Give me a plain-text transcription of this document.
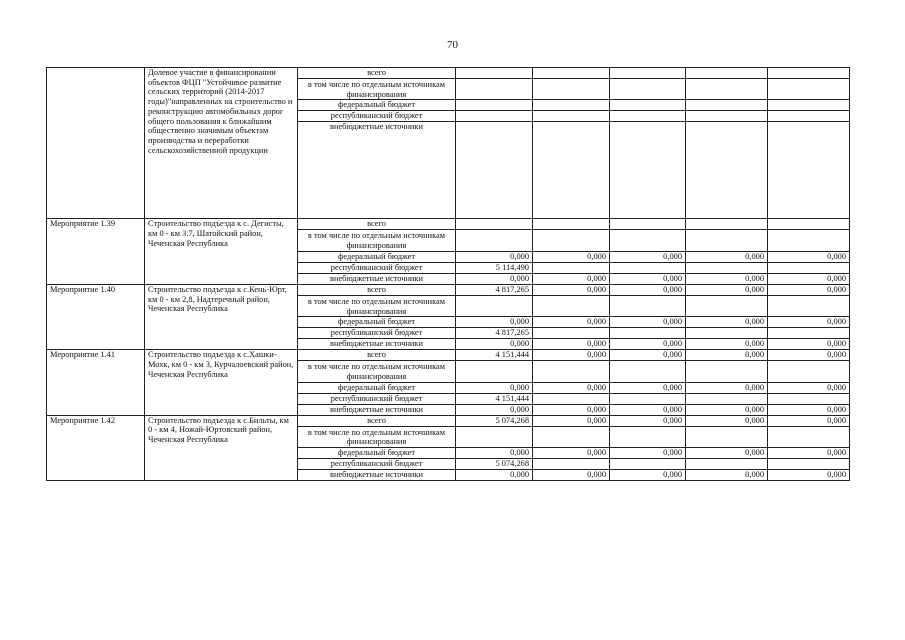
70
	Долевое участие в финансировании объектов ФЦП "Устойчивое развитие сельских территорий (2014-2017 годы)"направленных на строительство и реконструкцию автомобильных дорог общего пользования к ближайшим общественно значимым объектам производства и переработки сельскохозяйственной продукции	всего					
		в том числе по отдельным источникам финансирования					
		федеральный бюджет					
		республиканский бюджет					
		внебюджетные источники					
Мероприятие 1.39	Строительство подъезда к с. Дегисты, км 0 - км 3.7, Шатойский район, Чеченская Республика	всего					
		в том числе по отдельным источникам финансирования					
		федеральный бюджет	0,000	0,000	0,000	0,000	0,000
		республиканский бюджет	5 114,490				
		внебюджетные источники	0,000	0,000	0,000	0,000	0,000
Мероприятие 1.40	Строительство подъезда к с.Кень-Юрт, км 0 - км 2,8, Надтеречный район, Чеченская Республика	всего	4 817,265	0,000	0,000	0,000	0,000
		в том числе по отдельным источникам финансирования					
		федеральный бюджет	0,000	0,000	0,000	0,000	0,000
		республиканский бюджет	4 817,265				
		внебюджетные источники	0,000	0,000	0,000	0,000	0,000
Мероприятие 1.41	Строительство подъезда к с.Хашки-Мохк, км 0 - км 3, Курчалоевский район, Чеченская Республика	всего	4 151,444	0,000	0,000	0,000	0,000
		в том числе по отдельным источникам финансирования					
		федеральный бюджет	0,000	0,000	0,000	0,000	0,000
		республиканский бюджет	4 151,444				
		внебюджетные источники	0,000	0,000	0,000	0,000	0,000
Мероприятие 1.42	Строительство подъезда к с.Бильты, км 0 - км 4, Ножай-Юртовский район, Чеченская Республика	всего	5 074,268	0,000	0,000	0,000	0,000
		в том числе по отдельным источникам финансирования					
		федеральный бюджет	0,000	0,000	0,000	0,000	0,000
		республиканский бюджет	5 074,268				
		внебюджетные источники	0,000	0,000	0,000	0,000	0,000
